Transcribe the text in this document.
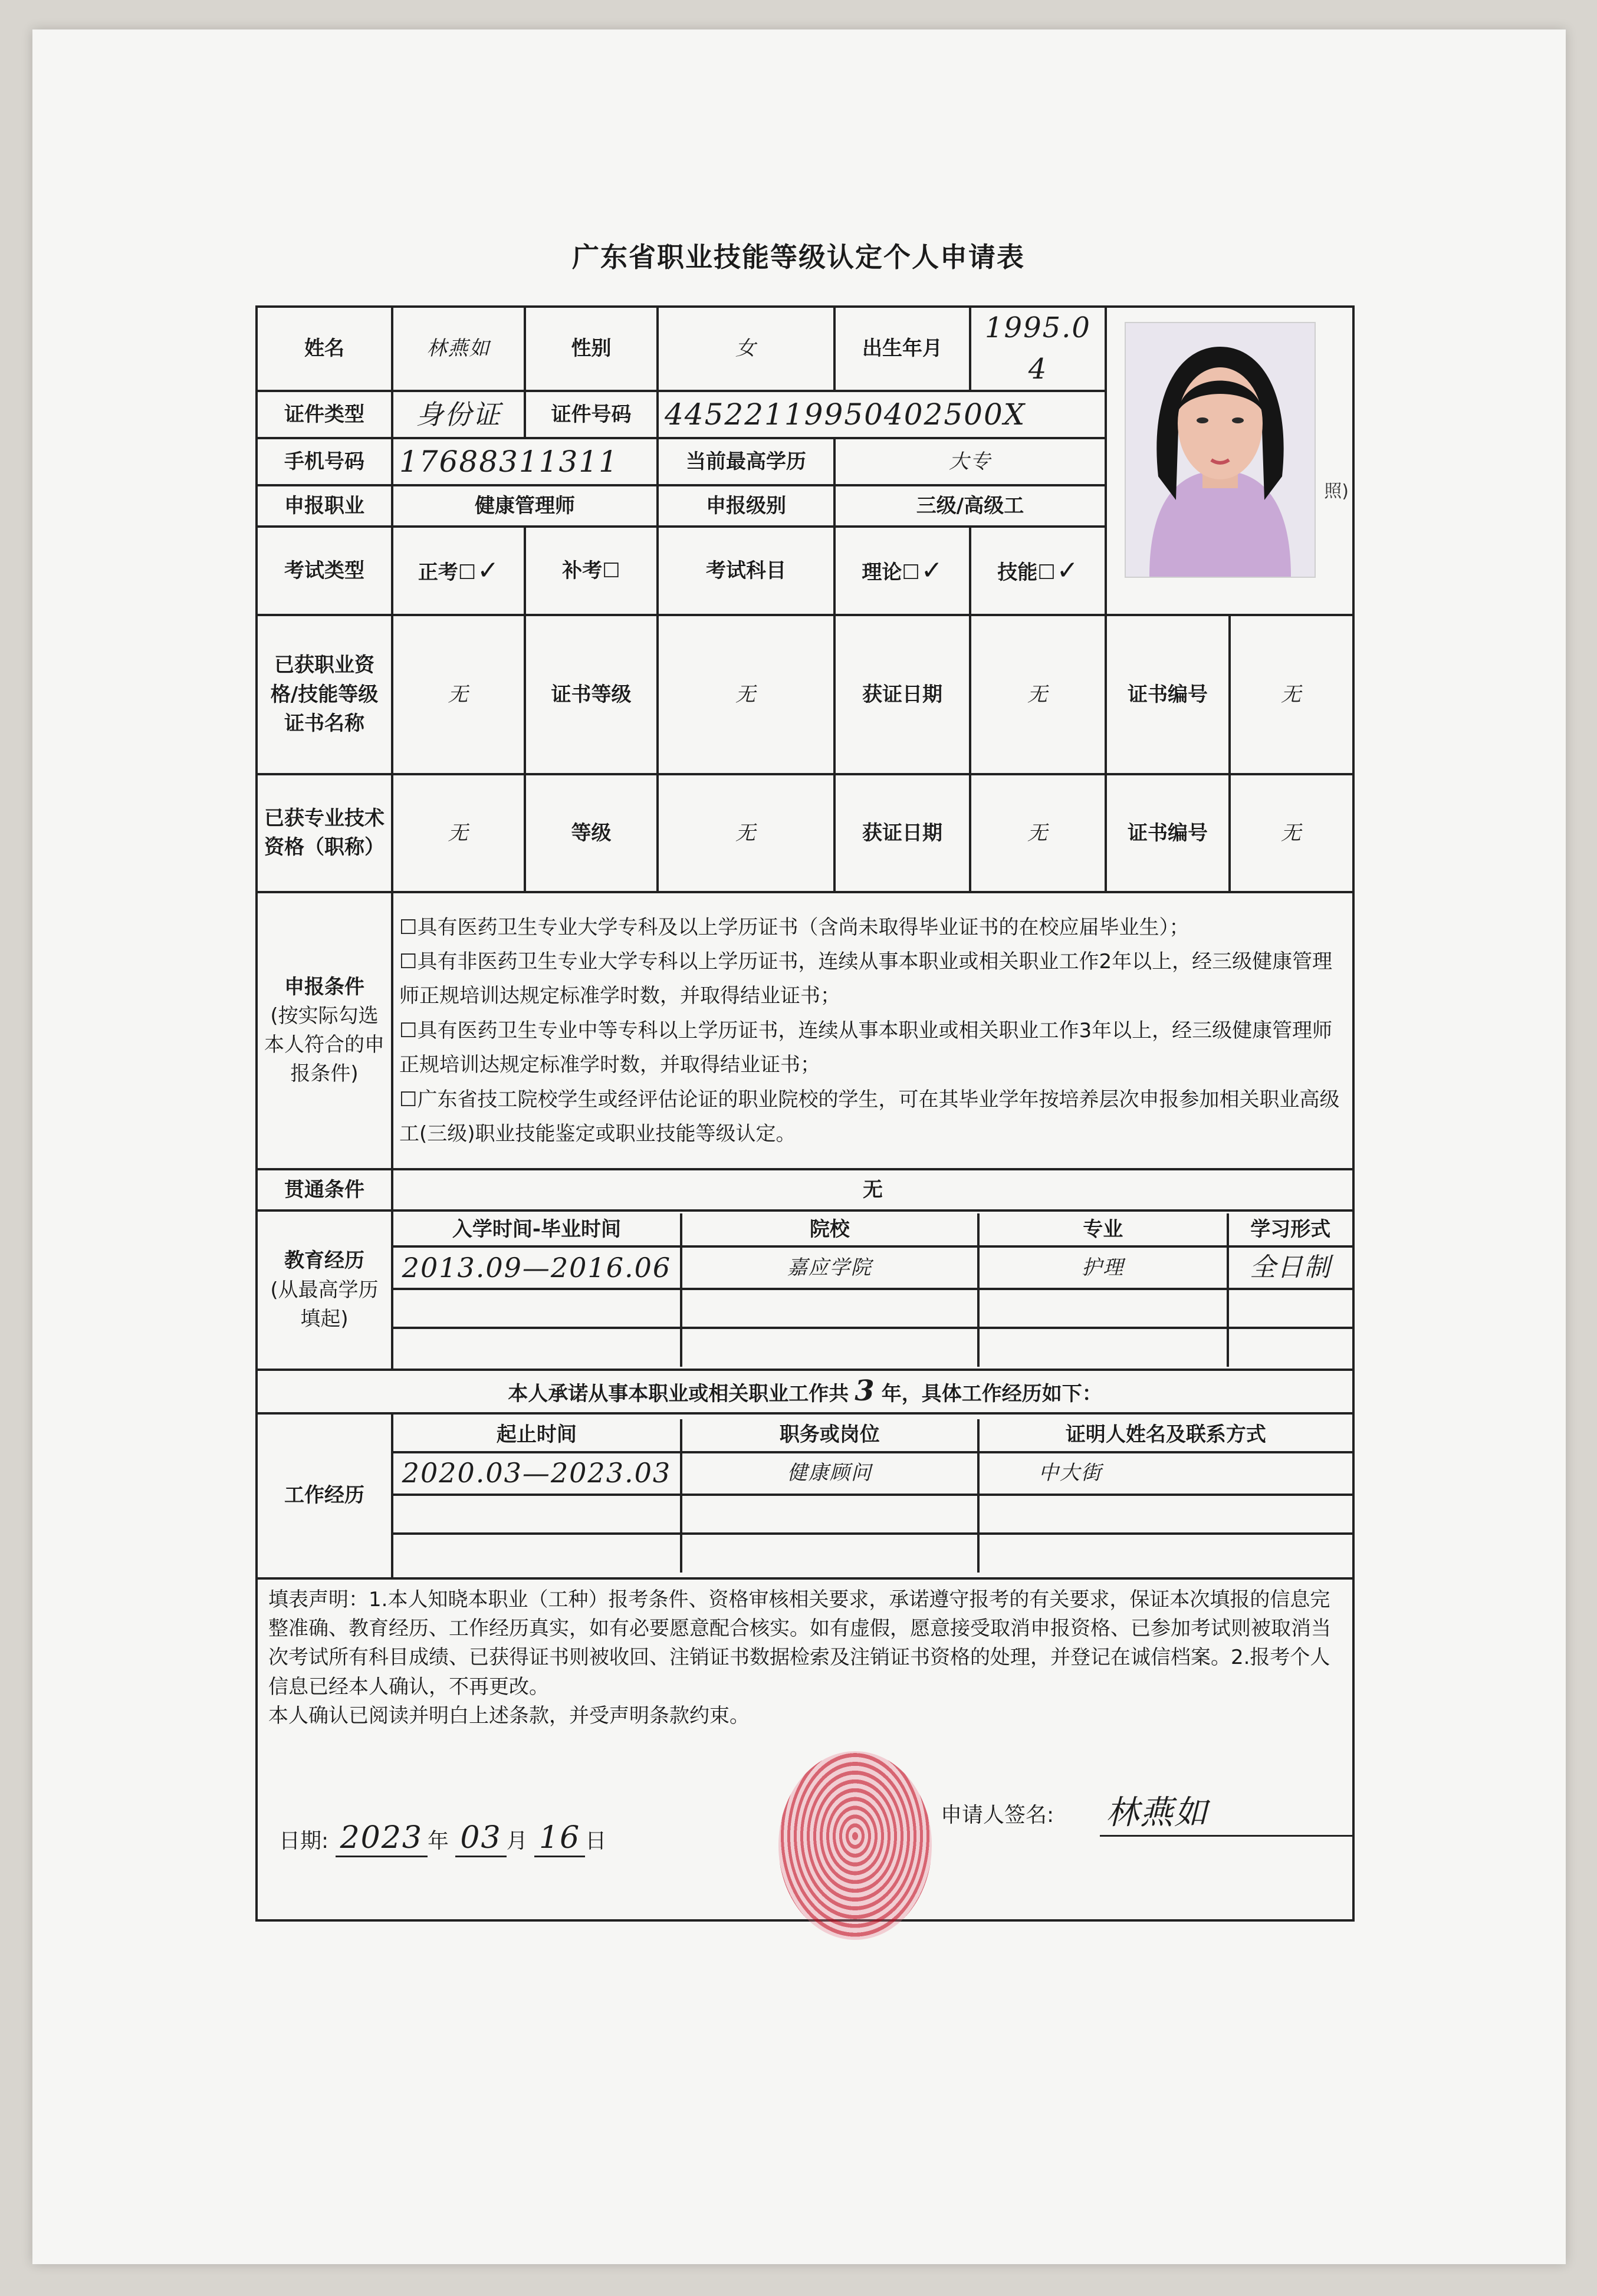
广东省职业技能等级认定个人申请表
姓名	林燕如	性别	女	出生年月	1995.04	
照)

证件类型	身份证	证件号码	44522119950402500X
手机号码	17688311311	当前最高学历	大专
申报职业	健康管理师	申报级别	三级/高级工
考试类型	正考☐✓	补考☐	考试科目	理论☐✓	技能☐✓
已获职业资格/技能等级证书名称	无	证书等级	无	获证日期	无	证书编号	无
已获专业技术资格（职称）	无	等级	无	获证日期	无	证书编号	无

申报条件
(按实际勾选本人符合的申报条件)

☐具有医药卫生专业大学专科及以上学历证书（含尚未取得毕业证书的在校应届毕业生）；

☐具有非医药卫生专业大学专科以上学历证书，连续从事本职业或相关职业工作2年以上，经三级健康管理师正规培训达规定标准学时数，并取得结业证书；

☐具有医药卫生专业中等专科以上学历证书，连续从事本职业或相关职业工作3年以上，经三级健康管理师正规培训达规定标准学时数，并取得结业证书；

☐广东省技工院校学生或经评估论证的职业院校的学生，可在其毕业学年按培养层次申报参加相关职业高级工(三级)职业技能鉴定或职业技能等级认定。

贯通条件	无

教育经历
(从最高学历填起)

入学时间-毕业时间	院校	专业	学习形式
2013.09—2016.06	嘉应学院	护理	全日制

本人承诺从事本职业或相关职业工作共 3 年，具体工作经历如下：
工作经历	
起止时间	职务或岗位	证明人姓名及联系方式
2020.03—2023.03	健康顾问	中大街

填表声明：1.本人知晓本职业（工种）报考条件、资格审核相关要求，承诺遵守报考的有关要求，保证本次填报的信息完整准确、教育经历、工作经历真实，如有必要愿意配合核实。如有虚假，愿意接受取消申报资格、已参加考试则被取消当次考试所有科目成绩、已获得证书则被收回、注销证书数据检索及注销证书资格的处理，并登记在诚信档案。2.报考个人信息已经本人确认，不再更改。

本人确认已阅读并明白上述条款，并受声明条款约束。

日期: 2023 年 03 月 16 日
申请人签名: 林燕如
